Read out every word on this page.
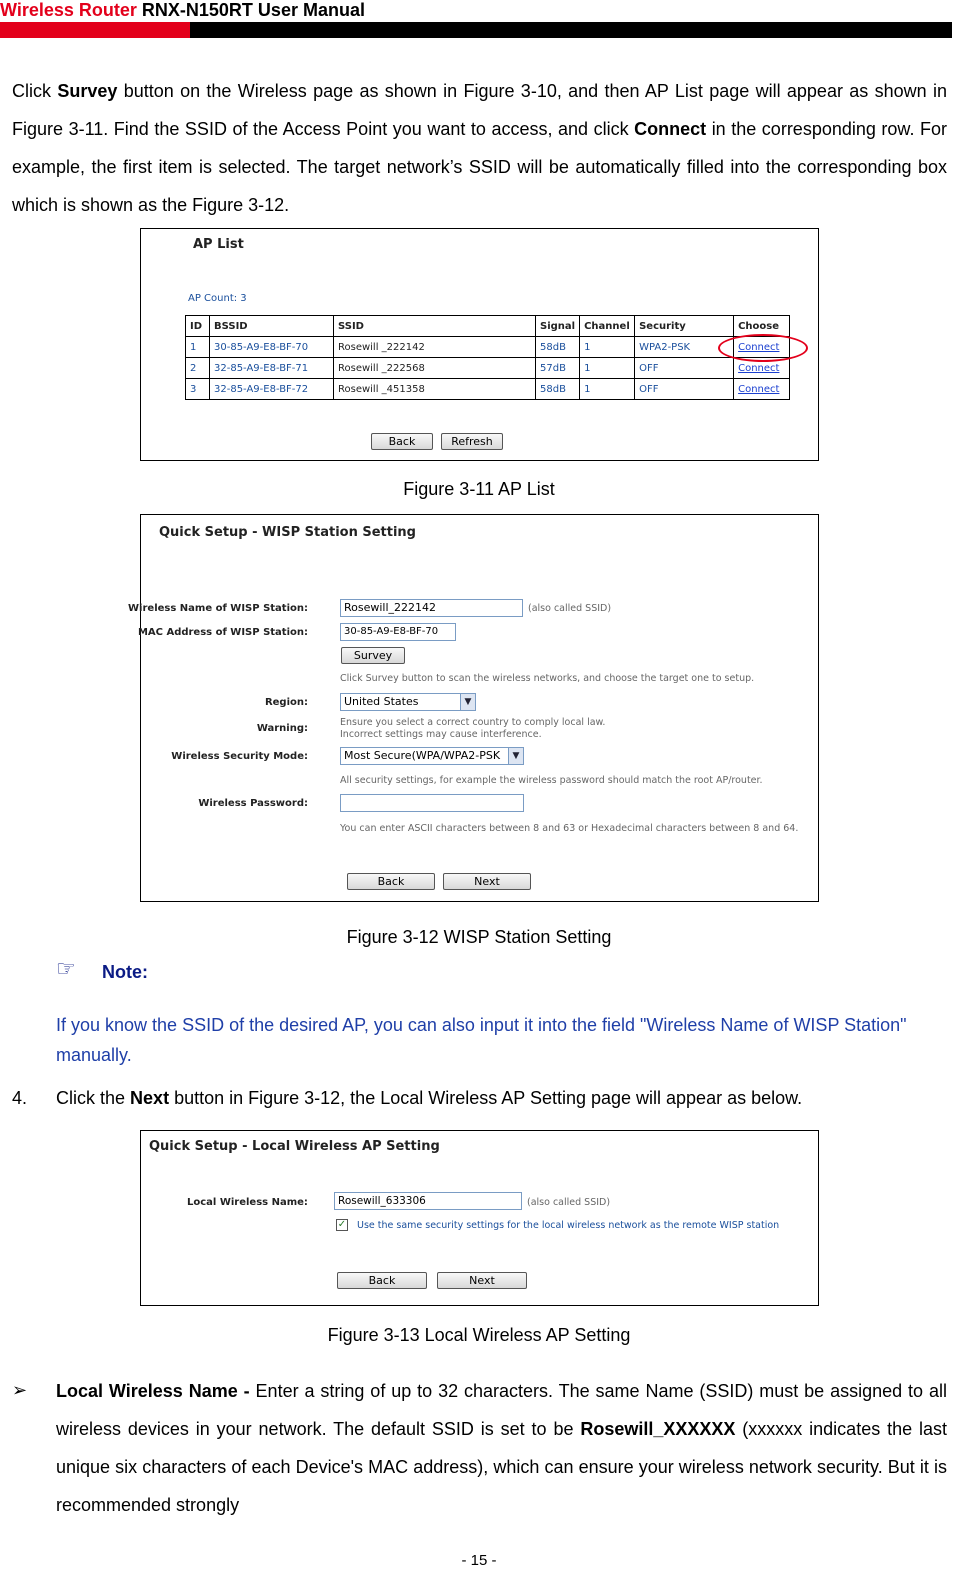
Wireless Router RNX-N150RT User Manual
Click Survey button on the Wireless page as shown in Figure 3-10, and then AP List page will appear as shown in Figure 3-11. Find the SSID of the Access Point you want to access, and click Connect in the corresponding row. For example, the first item is selected. The target network’s SSID will be automatically filled into the corresponding box which is shown as the Figure 3-12.
AP List
AP Count: 3
ID	BSSID	SSID	Signal	Channel	Security	Choose
1	30-85-A9-E8-BF-70	Rosewill _222142	58dB	1	WPA2-PSK	Connect
2	32-85-A9-E8-BF-71	Rosewill _222568	57dB	1	OFF	Connect
3	32-85-A9-E8-BF-72	Rosewill _451358	58dB	1	OFF	Connect
Back	Refresh
Figure 3-11 AP List
Quick Setup - WISP Station Setting
Wireless Name of WISP Station:	Rosewill_222142	(also called SSID)
MAC Address of WISP Station:	30-85-A9-E8-BF-70
Survey
Click Survey button to scan the wireless networks, and choose the target one to setup.
Region:	United States	▼
Warning:
Ensure you select a correct country to comply local law.
Incorrect settings may cause interference.
Wireless Security Mode:	Most Secure(WPA/WPA2-PSK	▼
All security settings, for example the wireless password should match the root AP/router.
Wireless Password:
You can enter ASCII characters between 8 and 63 or Hexadecimal characters between 8 and 64.
Back	Next
Figure 3-12 WISP Station Setting
☞ Note:
If you know the SSID of the desired AP, you can also input it into the field "Wireless Name of WISP Station" manually.
4. Click the Next button in Figure 3-12, the Local Wireless AP Setting page will appear as below.
Quick Setup - Local Wireless AP Setting
Local Wireless Name:	Rosewill_633306	(also called SSID)
✓ Use the same security settings for the local wireless network as the remote WISP station
Back	Next
Figure 3-13 Local Wireless AP Setting
➢ Local Wireless Name - Enter a string of up to 32 characters. The same Name (SSID) must be assigned to all wireless devices in your network. The default SSID is set to be Rosewill_XXXXXX (xxxxxx indicates the last unique six characters of each Device's MAC address), which can ensure your wireless network security. But it is recommended strongly
- 15 -
